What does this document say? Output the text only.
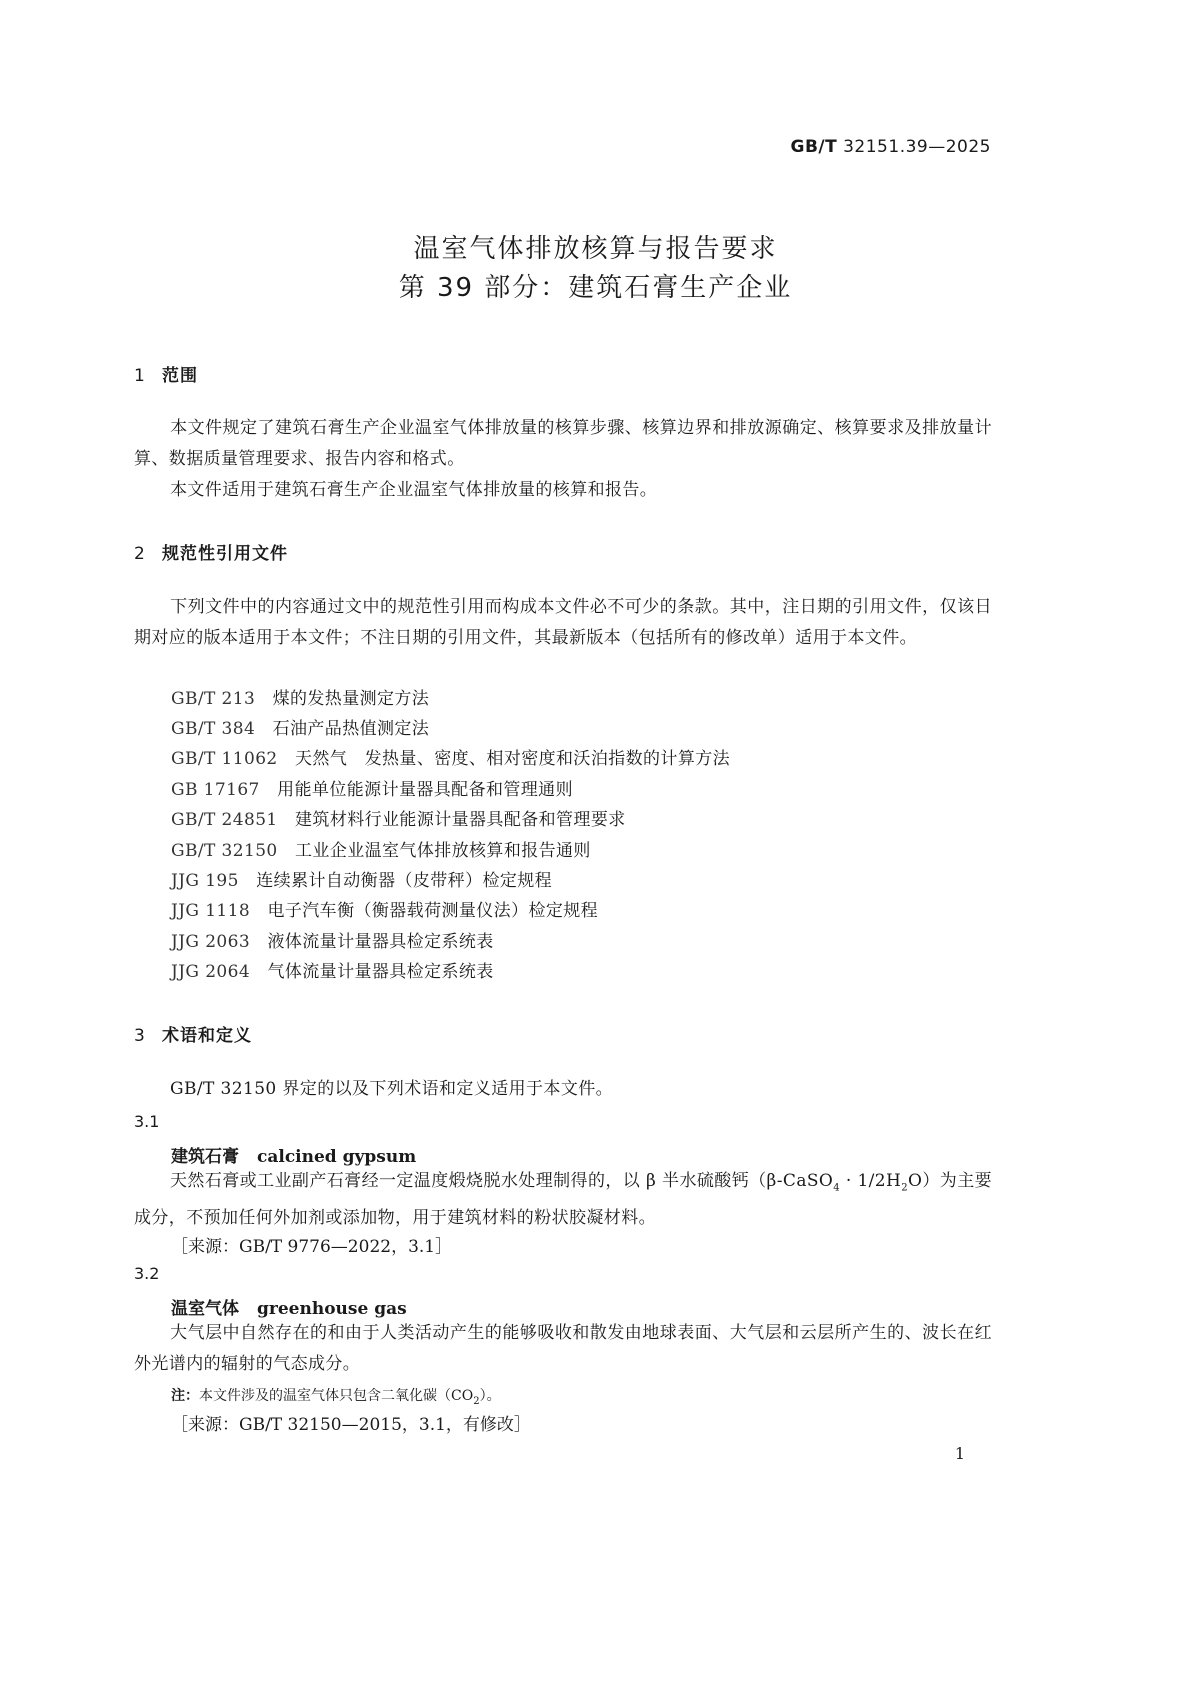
GB/T 32151.39—2025
温室气体排放核算与报告要求
第 39 部分：建筑石膏生产企业
1 范围
本文件规定了建筑石膏生产企业温室气体排放量的核算步骤、核算边界和排放源确定、核算要求及排放量计算、数据质量管理要求、报告内容和格式。
本文件适用于建筑石膏生产企业温室气体排放量的核算和报告。
2 规范性引用文件
下列文件中的内容通过文中的规范性引用而构成本文件必不可少的条款。其中，注日期的引用文件，仅该日期对应的版本适用于本文件；不注日期的引用文件，其最新版本（包括所有的修改单）适用于本文件。
GB/T 213　 煤的发热量测定方法
GB/T 384　 石油产品热值测定法
GB/T 11062　 天然气　发热量、密度、相对密度和沃泊指数的计算方法
GB 17167　 用能单位能源计量器具配备和管理通则
GB/T 24851　 建筑材料行业能源计量器具配备和管理要求
GB/T 32150　 工业企业温室气体排放核算和报告通则
JJG 195　 连续累计自动衡器（皮带秤）检定规程
JJG 1118　 电子汽车衡（衡器载荷测量仪法）检定规程
JJG 2063　 液体流量计量器具检定系统表
JJG 2064　 气体流量计量器具检定系统表
3 术语和定义
GB/T 32150 界定的以及下列术语和定义适用于本文件。
3.1
建筑石膏 calcined gypsum
天然石膏或工业副产石膏经一定温度煅烧脱水处理制得的，以 β 半水硫酸钙（β-CaSO$_4$ · $1/2H_2O$）为主要成分，不预加任何外加剂或添加物，用于建筑材料的粉状胶凝材料。
［来源：GB/T 9776—2022，3.1］
3.2
温室气体 greenhouse gas
大气层中自然存在的和由于人类活动产生的能够吸收和散发由地球表面、大气层和云层所产生的、波长在红外光谱内的辐射的气态成分。
注：本文件涉及的温室气体只包含二氧化碳$(CO_2)$。
［来源：GB/T 32150—2015，3.1，有修改］
1
